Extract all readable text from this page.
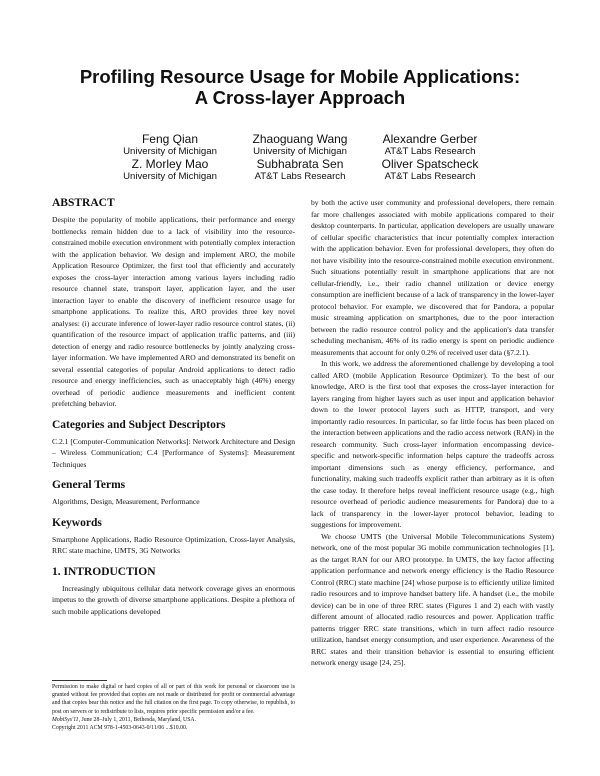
Profiling Resource Usage for Mobile Applications:
A Cross-layer Approach
Feng Qian
University of Michigan
Zhaoguang Wang
University of Michigan
Alexandre Gerber
AT&T Labs Research
Z. Morley Mao
University of Michigan
Subhabrata Sen
AT&T Labs Research
Oliver Spatscheck
AT&T Labs Research
ABSTRACT

Despite the popularity of mobile applications, their performance and energy bottlenecks remain hidden due to a lack of visibility into the resource-constrained mobile execution environment with potentially complex interaction with the application behavior. We design and implement ARO, the mobile Application Resource Optimizer, the first tool that efficiently and accurately exposes the cross-layer interaction among various layers including radio resource channel state, transport layer, application layer, and the user interaction layer to enable the discovery of inefficient resource usage for smartphone applications. To realize this, ARO provides three key novel analyses: (i) accurate inference of lower-layer radio resource control states, (ii) quantification of the resource impact of application traffic patterns, and (iii) detection of energy and radio resource bottlenecks by jointly analyzing cross-layer information. We have implemented ARO and demonstrated its benefit on several essential categories of popular Android applications to detect radio resource and energy inefficiencies, such as unacceptably high (46%) energy overhead of periodic audience measurements and inefficient content prefetching behavior.

Categories and Subject Descriptors

C.2.1 [Computer-Communication Networks]: Network Architecture and Design – Wireless Communication; C.4 [Performance of Systems]: Measurement Techniques

General Terms

Algorithms, Design, Measurement, Performance

Keywords

Smartphone Applications, Radio Resource Optimization, Cross-layer Analysis, RRC state machine, UMTS, 3G Networks

1. INTRODUCTION

Increasingly ubiquitous cellular data network coverage gives an enormous impetus to the growth of diverse smartphone applications. Despite a plethora of such mobile applications developed

Permission to make digital or hard copies of all or part of this work for personal or classroom use is granted without fee provided that copies are not made or distributed for profit or commercial advantage and that copies bear this notice and the full citation on the first page. To copy otherwise, to republish, to post on servers or to redistribute to lists, requires prior specific permission and/or a fee.

MobiSys'11, June 28–July 1, 2011, Bethesda, Maryland, USA.

Copyright 2011 ACM 978-1-4503-0643-0/11/06 ...$10.00.

by both the active user community and professional developers, there remain far more challenges associated with mobile applications compared to their desktop counterparts. In particular, application developers are usually unaware of cellular specific characteristics that incur potentially complex interaction with the application behavior. Even for professional developers, they often do not have visibility into the resource-constrained mobile execution environment. Such situations potentially result in smartphone applications that are not cellular-friendly, i.e., their radio channel utilization or device energy consumption are inefficient because of a lack of transparency in the lower-layer protocol behavior. For example, we discovered that for Pandora, a popular music streaming application on smartphones, due to the poor interaction between the radio resource control policy and the application's data transfer scheduling mechanism, 46% of its radio energy is spent on periodic audience measurements that account for only 0.2% of received user data (§7.2.1).

In this work, we address the aforementioned challenge by developing a tool called ARO (mobile Application Resource Optimizer). To the best of our knowledge, ARO is the first tool that exposes the cross-layer interaction for layers ranging from higher layers such as user input and application behavior down to the lower protocol layers such as HTTP, transport, and very importantly radio resources. In particular, so far little focus has been placed on the interaction between applications and the radio access network (RAN) in the research community. Such cross-layer information encompassing device-specific and network-specific information helps capture the tradeoffs across important dimensions such as energy efficiency, performance, and functionality, making such tradeoffs explicit rather than arbitrary as it is often the case today. It therefore helps reveal inefficient resource usage (e.g., high resource overhead of periodic audience measurements for Pandora) due to a lack of transparency in the lower-layer protocol behavior, leading to suggestions for improvement.

We choose UMTS (the Universal Mobile Telecommunications System) network, one of the most popular 3G mobile communication technologies [1], as the target RAN for our ARO prototype. In UMTS, the key factor affecting application performance and network energy efficiency is the Radio Resource Control (RRC) state machine [24] whose purpose is to efficiently utilize limited radio resources and to improve handset battery life. A handset (i.e., the mobile device) can be in one of three RRC states (Figures 1 and 2) each with vastly different amount of allocated radio resources and power. Application traffic patterns trigger RRC state transitions, which in turn affect radio resource utilization, handset energy consumption, and user experience. Awareness of the RRC states and their transition behavior is essential to ensuring efficient network energy usage [24, 25].
